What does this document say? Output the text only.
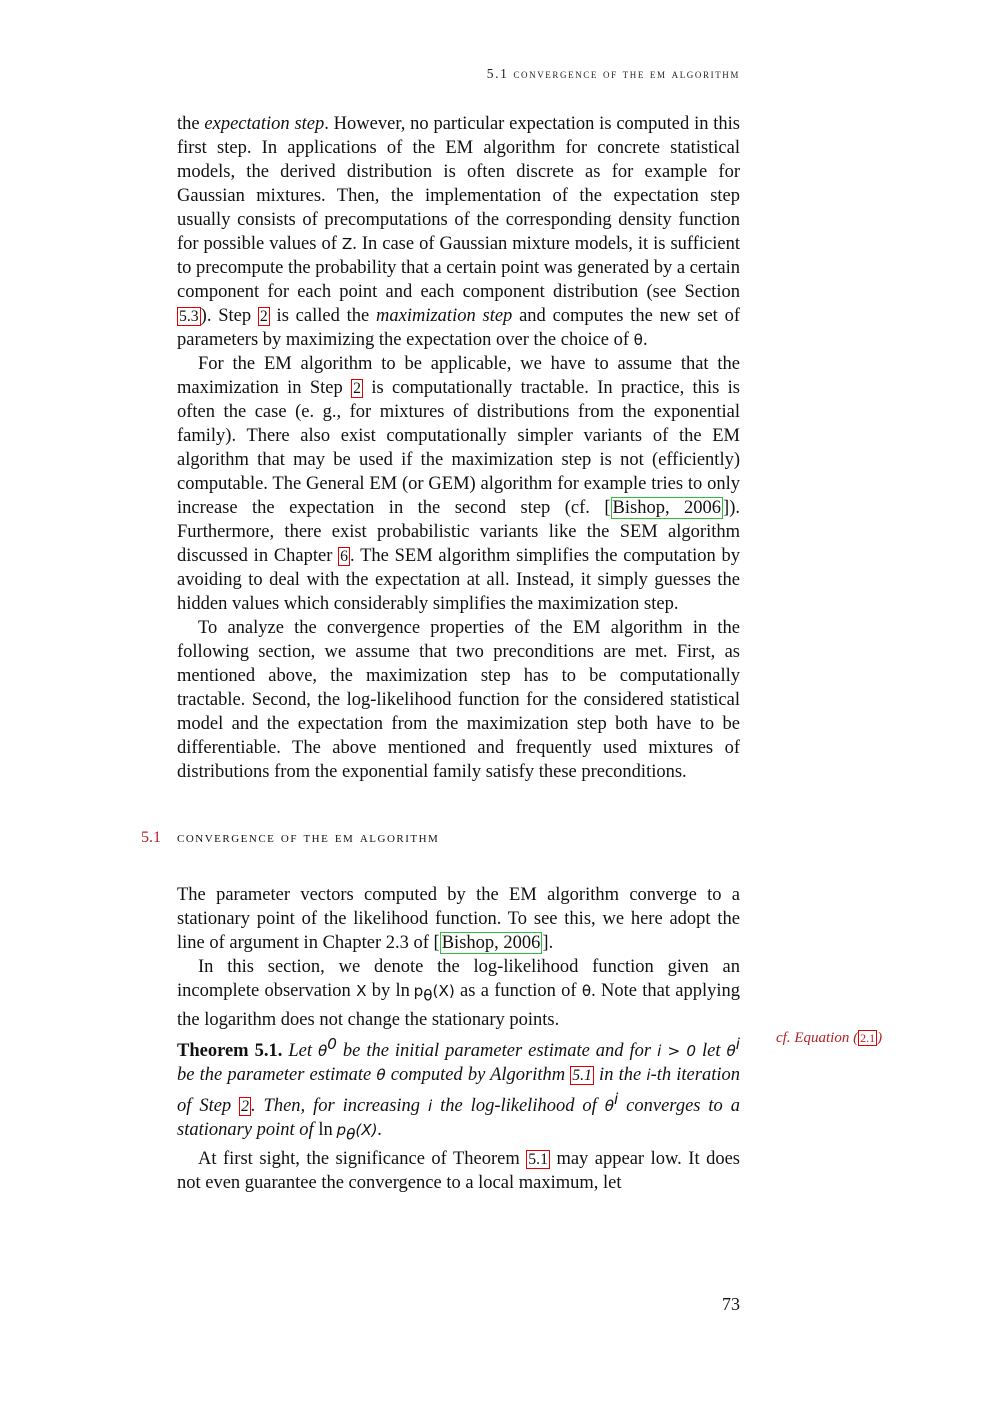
5.1 convergence of the em algorithm

the expectation step. However, no particular expectation is computed in this first step. In applications of the EM algorithm for concrete statistical models, the derived distribution is often discrete as for example for Gaussian mixtures. Then, the implementation of the expectation step usually consists of precomputations of the corresponding density function for possible values of Z. In case of Gaussian mixture models, it is sufficient to precompute the probability that a certain point was generated by a certain component for each point and each component distribution (see Section 5.3 ). Step 2 is called the maximization step and computes the new set of parameters by maximizing the expectation over the choice of θ.

For the EM algorithm to be applicable, we have to assume that the maximization in Step 2 is computationally tractable. In practice, this is often the case (e. g., for mixtures of distributions from the exponential family). There also exist computationally simpler variants of the EM algorithm that may be used if the maximization step is not (efficiently) computable. The General EM (or GEM) algorithm for example tries to only increase the expectation in the second step (cf. [ Bishop, 2006 ]). Furthermore, there exist probabilistic variants like the SEM algorithm discussed in Chapter 6 . The SEM algorithm simplifies the computation by avoiding to deal with the expectation at all. Instead, it simply guesses the hidden values which considerably simplifies the maximization step.

To analyze the convergence properties of the EM algorithm in the following section, we assume that two preconditions are met. First, as mentioned above, the maximization step has to be computationally tractable. Second, the log-likelihood function for the considered statistical model and the expectation from the maximization step both have to be differentiable. The above mentioned and frequently used mixtures of distributions from the exponential family satisfy these preconditions.

5.1 convergence of the em algorithm

The parameter vectors computed by the EM algorithm converge to a stationary point of the likelihood function. To see this, we here adopt the line of argument in Chapter 2.3 of [ Bishop, 2006 ].

In this section, we denote the log-likelihood function given an incomplete observation X by $\ln p_\theta(X)$ as a function of θ. Note that applying the logarithm does not change the stationary points.

Theorem 5.1. Let $\theta^0$ be the initial parameter estimate and for i > 0 let $\theta^i$ be the parameter estimate θ computed by Algorithm 5.1 in the i-th iteration of Step 2 . Then, for increasing i the log-likelihood of $\theta^i$ converges to a stationary point of $\ln p_\theta(X)$.

At first sight, the significance of Theorem 5.1 may appear low. It does not even guarantee the convergence to a local maximum, let

cf. Equation ( 2.1 )
73
